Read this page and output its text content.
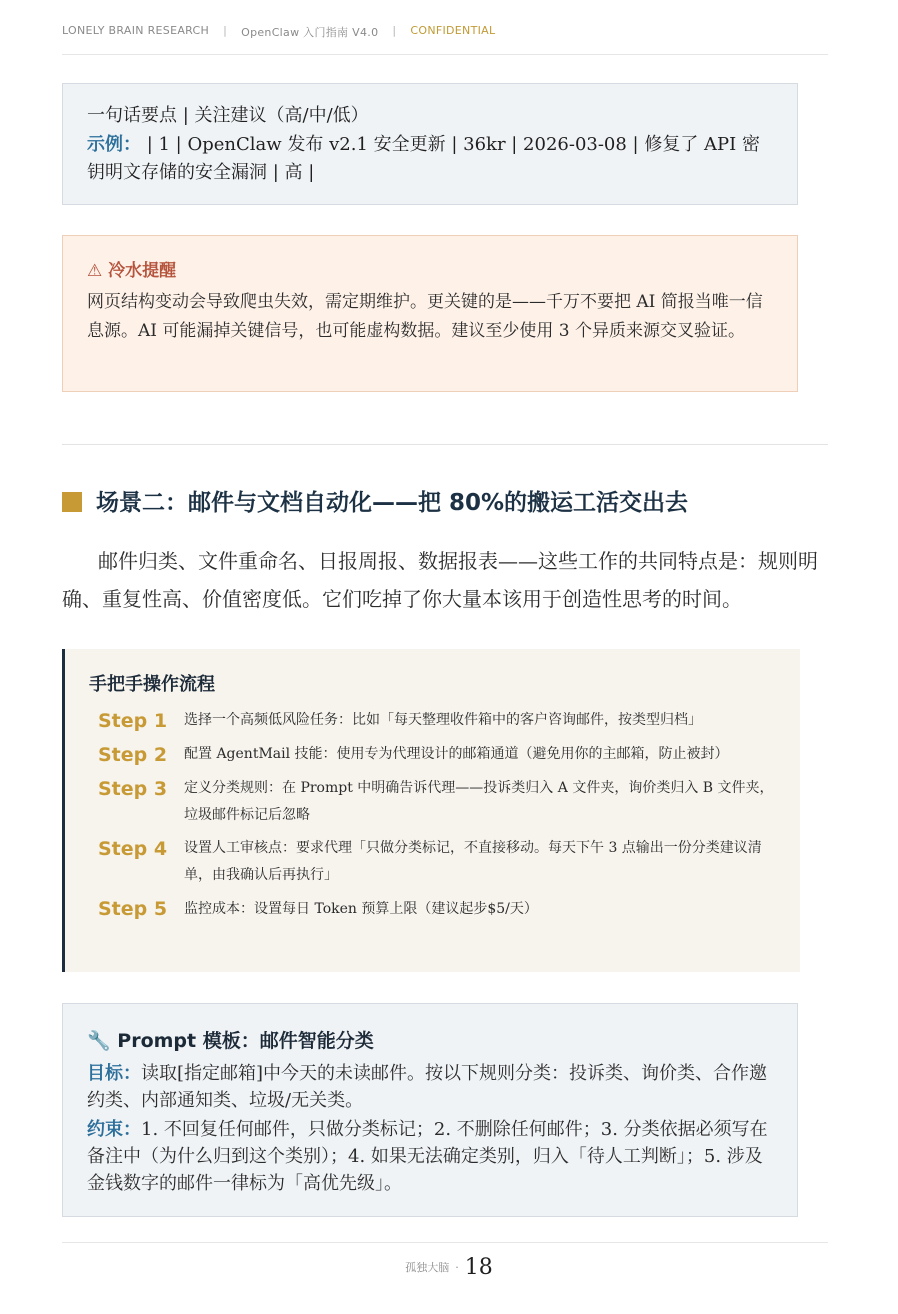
LONELY BRAIN RESEARCH | OpenClaw 入门指南 V4.0 | CONFIDENTIAL
一句话要点 | 关注建议（高/中/低）
示例： | 1 | OpenClaw 发布 v2.1 安全更新 | 36kr | 2026-03-08 | 修复了 API 密钥明文存储的安全漏洞 | 高 |
⚠ 冷水提醒
网页结构变动会导致爬虫失效，需定期维护。更关键的是——千万不要把 AI 简报当唯一信息源。AI 可能漏掉关键信号，也可能虚构数据。建议至少使用 3 个异质来源交叉验证。
场景二：邮件与文档自动化——把 80%的搬运工活交出去
邮件归类、文件重命名、日报周报、数据报表——这些工作的共同特点是：规则明确、重复性高、价值密度低。它们吃掉了你大量本该用于创造性思考的时间。
手把手操作流程
Step 1	选择一个高频低风险任务：比如「每天整理收件箱中的客户咨询邮件，按类型归档」
Step 2	配置 AgentMail 技能：使用专为代理设计的邮箱通道（避免用你的主邮箱，防止被封）
Step 3	定义分类规则：在 Prompt 中明确告诉代理——投诉类归入 A 文件夹，询价类归入 B 文件夹，垃圾邮件标记后忽略
Step 4	设置人工审核点：要求代理「只做分类标记，不直接移动。每天下午 3 点输出一份分类建议清单，由我确认后再执行」
Step 5	监控成本：设置每日 Token 预算上限（建议起步$5/天）
🔧 Prompt 模板：邮件智能分类
目标：读取[指定邮箱]中今天的未读邮件。按以下规则分类：投诉类、询价类、合作邀约类、内部通知类、垃圾/无关类。
约束：1. 不回复任何邮件，只做分类标记；2. 不删除任何邮件；3. 分类依据必须写在备注中（为什么归到这个类别）；4. 如果无法确定类别，归入「待人工判断」；5. 涉及金钱数字的邮件一律标为「高优先级」。
孤独大脑 · 18
